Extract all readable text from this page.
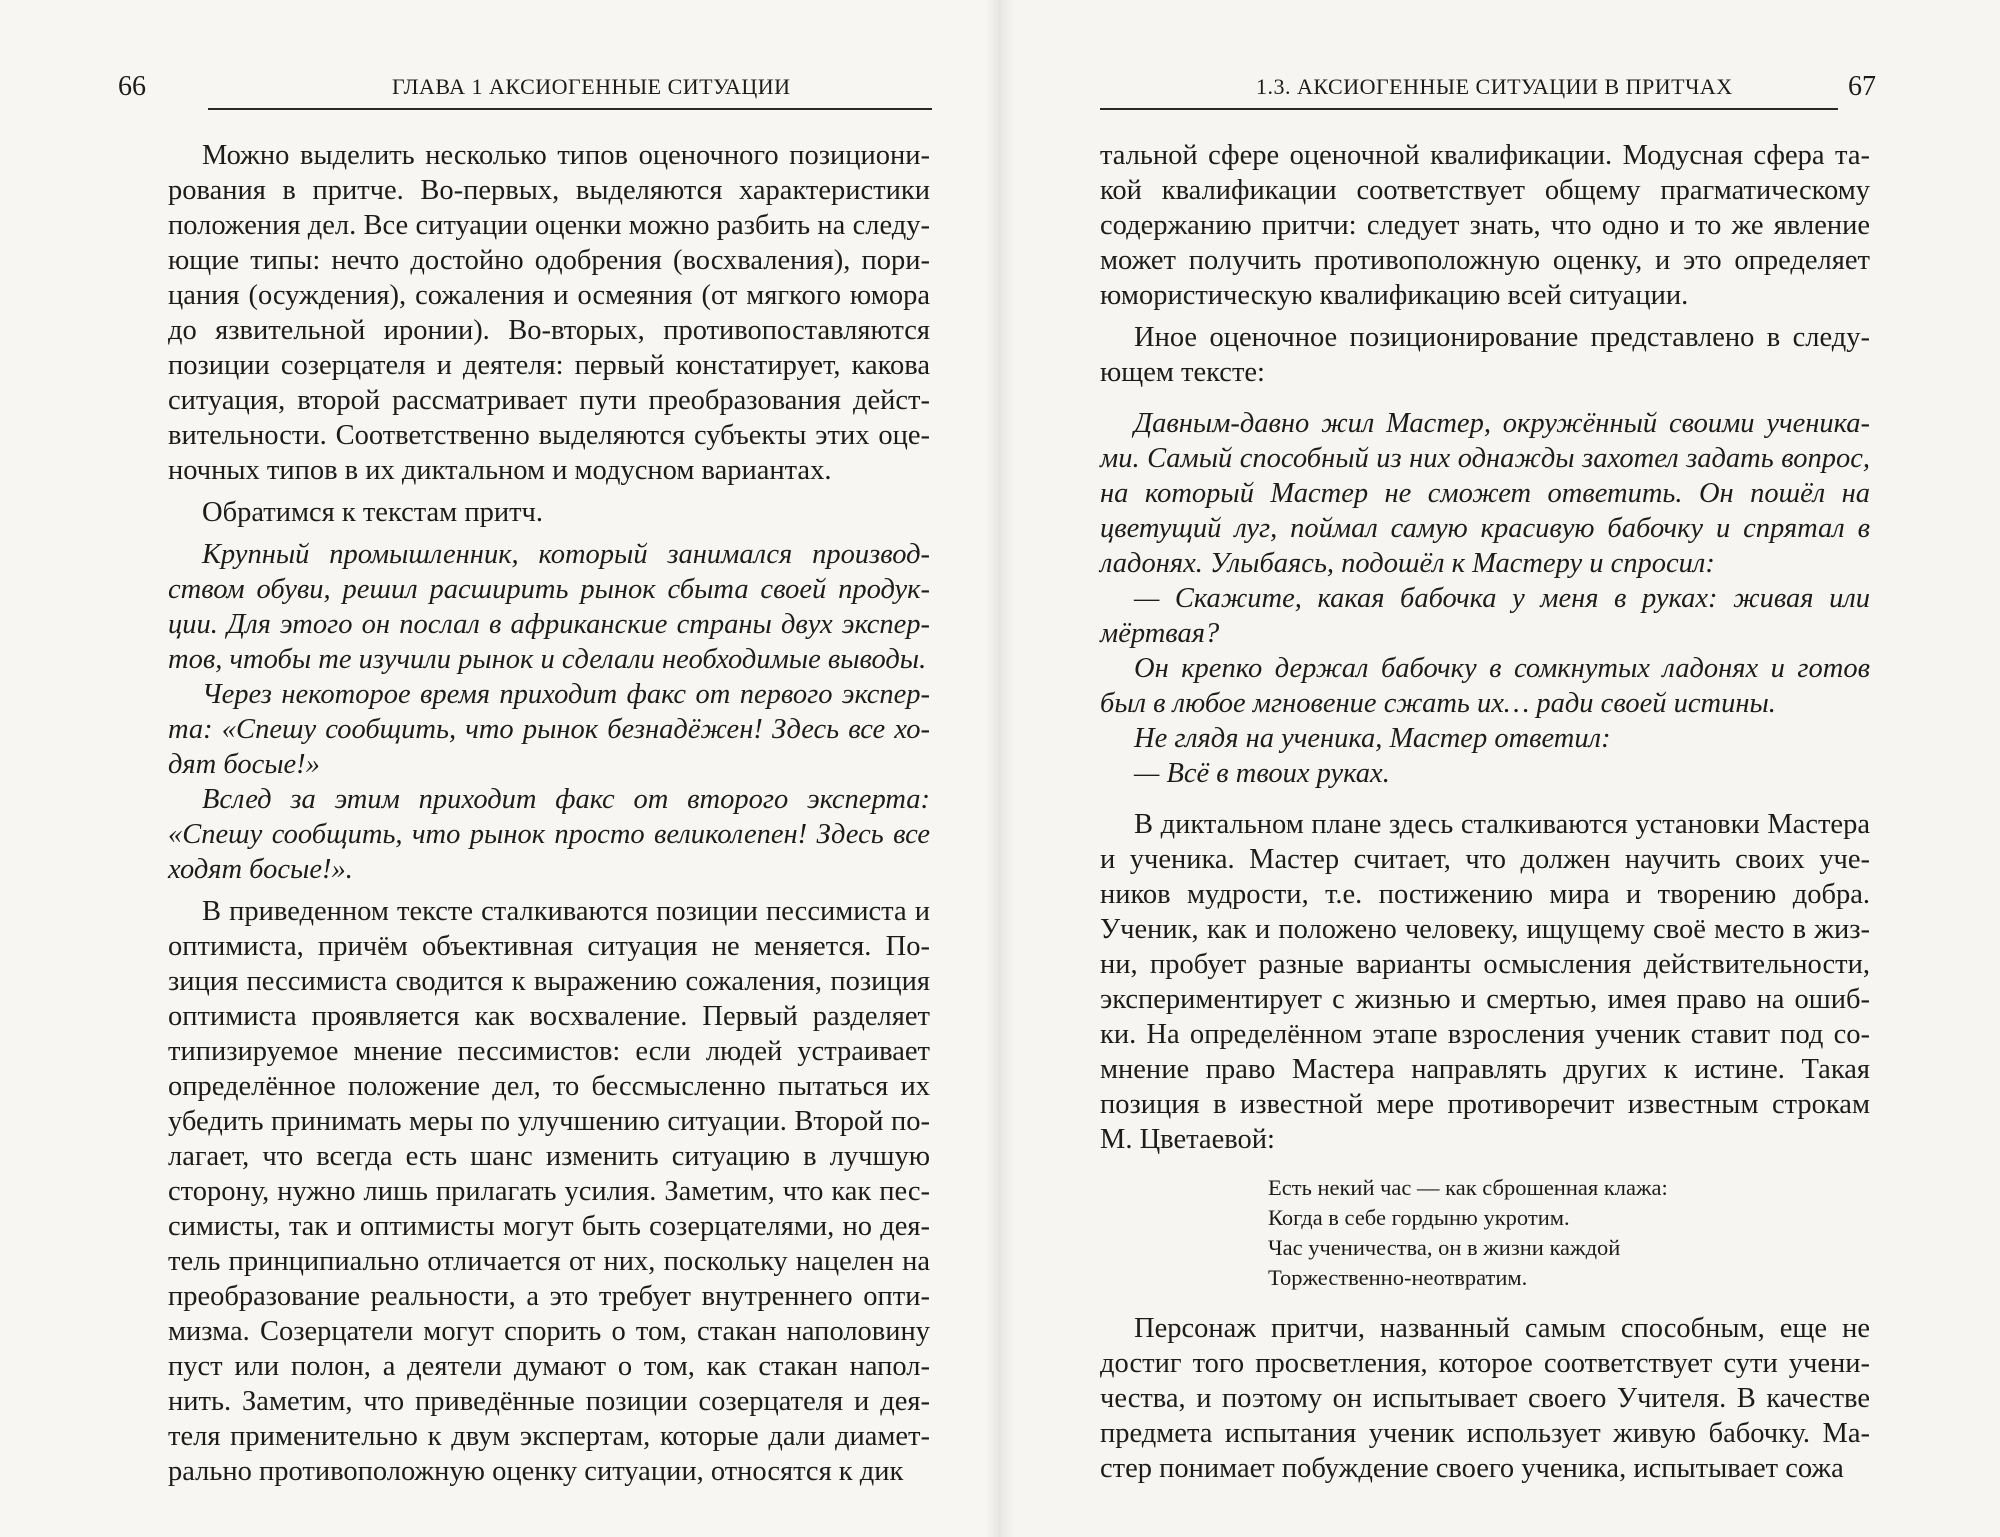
66	ГЛАВА 1 АКСИОГЕННЫЕ СИТУАЦИИ

Можно выделить несколько типов оценочного позиционирования в притче. Во-первых, выделяются характеристики положения дел. Все ситуации оценки можно разбить на следующие типы: нечто достойно одобрения (восхваления), порицания (осуждения), сожаления и осмеяния (от мягкого юмора до язвительной иронии). Во-вторых, противопоставляются позиции созерцателя и деятеля: первый констатирует, какова ситуация, второй рассматривает пути преобразования действительности. Соответственно выделяются субъекты этих оценочных типов в их диктальном и модусном вариантах.

Обратимся к текстам притч.

Крупный промышленник, который занимался производством обуви, решил расширить рынок сбыта своей продукции. Для этого он послал в африканские страны двух экспертов, чтобы те изучили рынок и сделали необходимые выводы.

Через некоторое время приходит факс от первого эксперта: «Спешу сообщить, что рынок безнадёжен! Здесь все ходят босые!»

Вслед за этим приходит факс от второго эксперта: «Спешу сообщить, что рынок просто великолепен! Здесь все ходят босые!».

В приведенном тексте сталкиваются позиции пессимиста и оптимиста, причём объективная ситуация не меняется. Позиция пессимиста сводится к выражению сожаления, позиция оптимиста проявляется как восхваление. Первый разделяет типизируемое мнение пессимистов: если людей устраивает определённое положение дел, то бессмысленно пытаться их убедить принимать меры по улучшению ситуации. Второй полагает, что всегда есть шанс изменить ситуацию в лучшую сторону, нужно лишь прилагать усилия. Заметим, что как пессимисты, так и оптимисты могут быть созерцателями, но деятель принципиально отличается от них, поскольку нацелен на преобразование реальности, а это требует внутреннего оптимизма. Созерцатели могут спорить о том, стакан наполовину пуст или полон, а деятели думают о том, как стакан наполнить. Заметим, что приведённые позиции созерцателя и деятеля применительно к двум экспертам, которые дали диаметрально противоположную оценку ситуации, относятся к дик

1.3. АКСИОГЕННЫЕ СИТУАЦИИ В ПРИТЧАХ	67

тальной сфере оценочной квалификации. Модусная сфера такой квалификации соответствует общему прагматическому содержанию притчи: следует знать, что одно и то же явление может получить противоположную оценку, и это определяет юмористическую квалификацию всей ситуации.

Иное оценочное позиционирование представлено в следующем тексте:

Давным-давно жил Мастер, окружённый своими учениками. Самый способный из них однажды захотел задать вопрос, на который Мастер не сможет ответить. Он пошёл на цветущий луг, поймал самую красивую бабочку и спрятал в ладонях. Улыбаясь, подошёл к Мастеру и спросил:

— Скажите, какая бабочка у меня в руках: живая или мёртвая?

Он крепко держал бабочку в сомкнутых ладонях и готов был в любое мгновение сжать их… ради своей истины.

Не глядя на ученика, Мастер ответил:

— Всё в твоих руках.

В диктальном плане здесь сталкиваются установки Мастера и ученика. Мастер считает, что должен научить своих учеников мудрости, т.е. постижению мира и творению добра. Ученик, как и положено человеку, ищущему своё место в жизни, пробует разные варианты осмысления действительности, экспериментирует с жизнью и смертью, имея право на ошибки. На определённом этапе взросления ученик ставит под сомнение право Мастера направлять других к истине. Такая позиция в известной мере противоречит известным строкам М. Цветаевой:

Есть некий час — как сброшенная клажа:
Когда в себе гордыню укротим.
Час ученичества, он в жизни каждой
Торжественно-неотвратим.

Персонаж притчи, названный самым способным, еще не достиг того просветления, которое соответствует сути ученичества, и поэтому он испытывает своего Учителя. В качестве предмета испытания ученик использует живую бабочку. Мастер понимает побуждение своего ученика, испытывает сожа
